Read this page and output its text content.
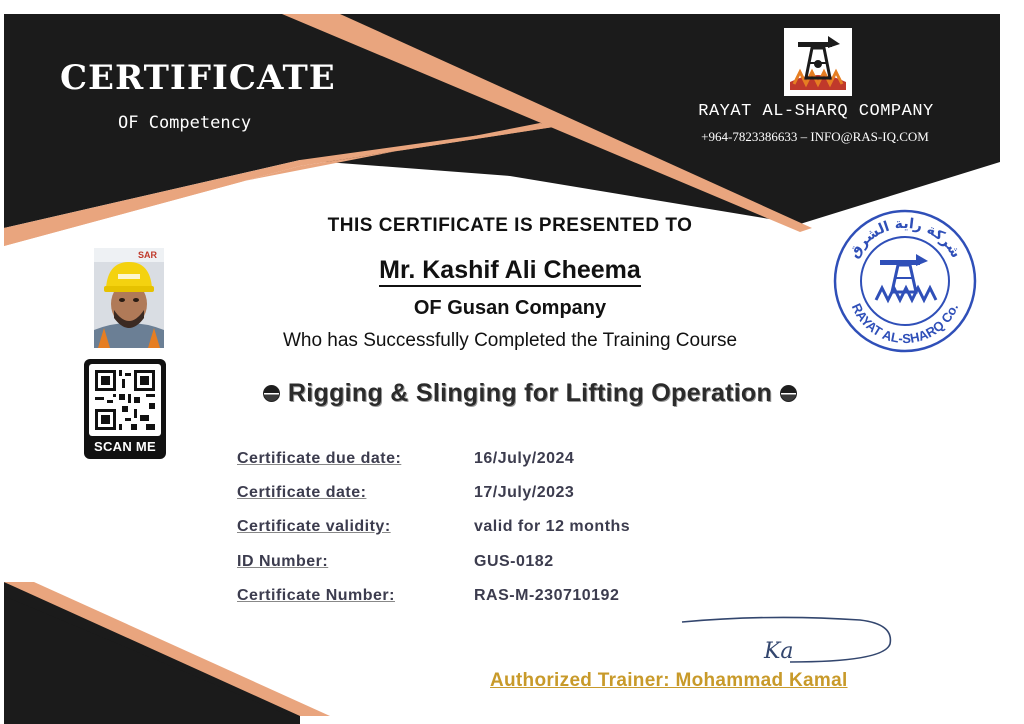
CERTIFICATE
OF Competency
RAYAT AL-SHARQ COMPANY
+964-7823386633 – INFO@RAS-IQ.COM
THIS CERTIFICATE IS PRESENTED TO
Mr. Kashif Ali Cheema
OF Gusan Company
Who has Successfully Completed the Training Course
Rigging & Slinging for Lifting Operation
Certificate due date:	16/July/2024
Certificate date:	17/July/2023
Certificate validity:	valid for 12 months
ID Number:	GUS-0182
Certificate Number:	RAS-M-230710192
SAR
SCAN ME
شركة راية الشرق
RAYAT AL-SHARQ Co.
Ka
Authorized Trainer: Mohammad Kamal
